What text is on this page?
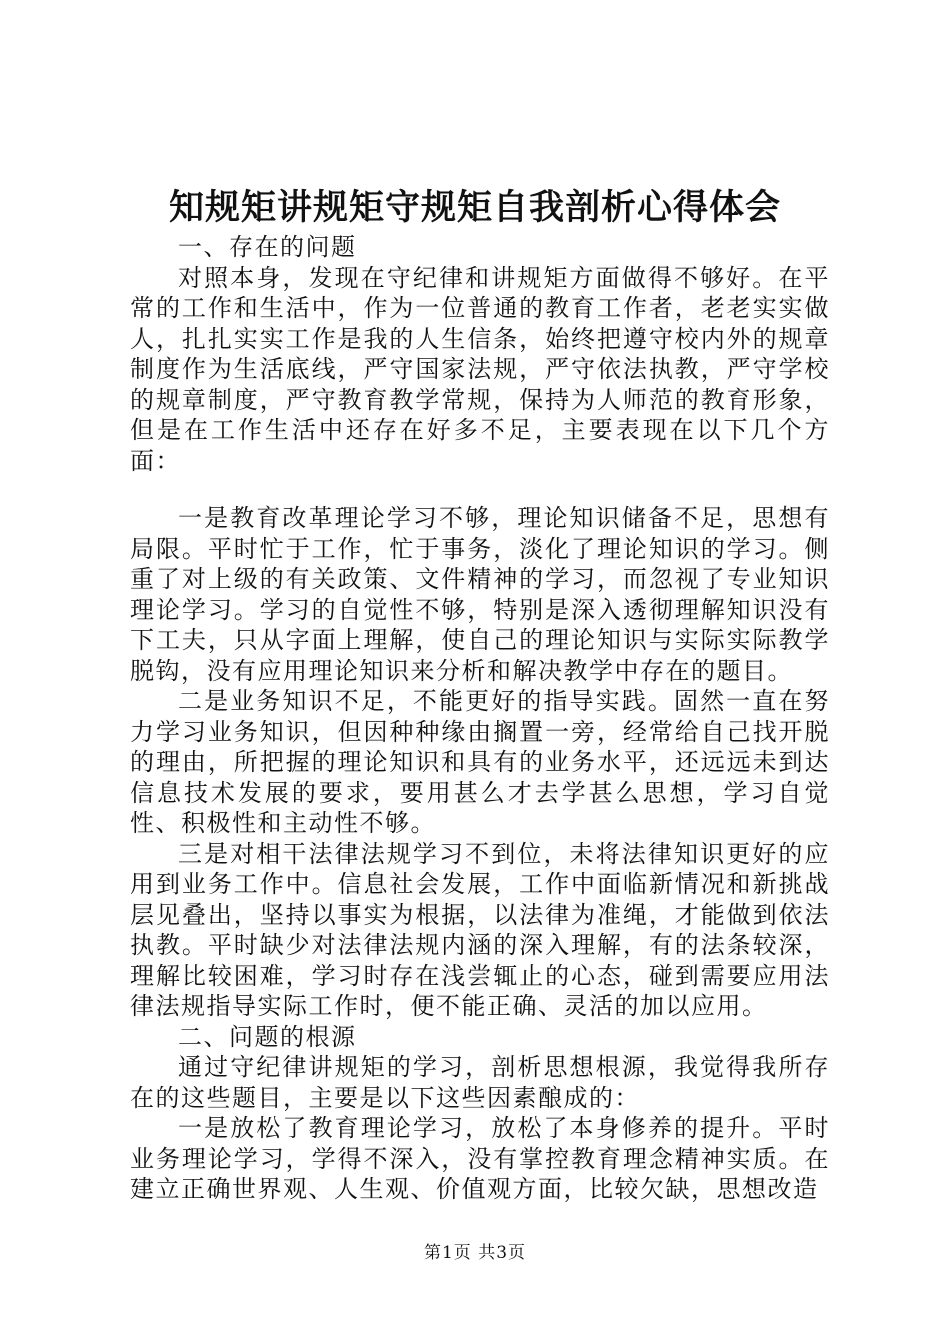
知规矩讲规矩守规矩自我剖析心得体会

一、存在的问题

对照本身，发现在守纪律和讲规矩方面做得不够好。在平常的工作和生活中，作为一位普通的教育工作者，老老实实做人，扎扎实实工作是我的人生信条，始终把遵守校内外的规章制度作为生活底线，严守国家法规，严守依法执教，严守学校的规章制度，严守教育教学常规，保持为人师范的教育形象，但是在工作生活中还存在好多不足，主要表现在以下几个方面：

一是教育改革理论学习不够，理论知识储备不足，思想有局限。平时忙于工作，忙于事务，淡化了理论知识的学习。侧重了对上级的有关政策、文件精神的学习，而忽视了专业知识理论学习。学习的自觉性不够，特别是深入透彻理解知识没有下工夫，只从字面上理解，使自己的理论知识与实际实际教学脱钩，没有应用理论知识来分析和解决教学中存在的题目。

二是业务知识不足，不能更好的指导实践。固然一直在努力学习业务知识，但因种种缘由搁置一旁，经常给自己找开脱的理由，所把握的理论知识和具有的业务水平，还远远未到达信息技术发展的要求，要用甚么才去学甚么思想，学习自觉性、积极性和主动性不够。

三是对相干法律法规学习不到位，未将法律知识更好的应用到业务工作中。信息社会发展，工作中面临新情况和新挑战层见叠出，坚持以事实为根据，以法律为准绳，才能做到依法执教。平时缺少对法律法规内涵的深入理解，有的法条较深，理解比较困难，学习时存在浅尝辄止的心态，碰到需要应用法律法规指导实际工作时，便不能正确、灵活的加以应用。

二、问题的根源

通过守纪律讲规矩的学习，剖析思想根源，我觉得我所存在的这些题目，主要是以下这些因素酿成的：

一是放松了教育理论学习，放松了本身修养的提升。平时业务理论学习，学得不深入，没有掌控教育理念精神实质。在建立正确世界观、人生观、价值观方面，比较欠缺，思想改造

第1页 共3页
